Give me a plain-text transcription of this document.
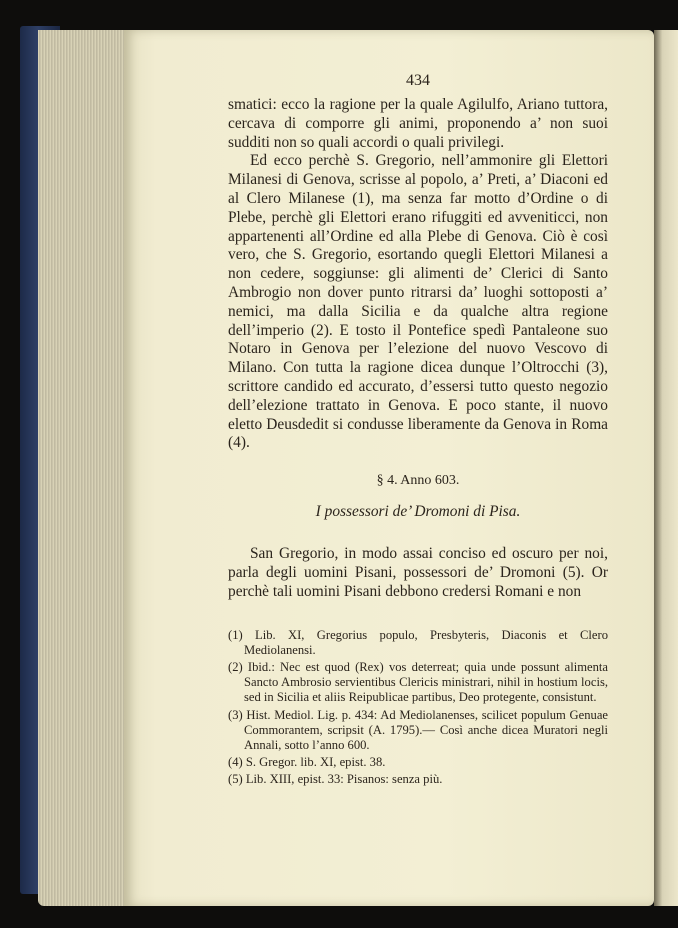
434

smatici: ecco la ragione per la quale Agilulfo, Ariano tuttora, cercava di comporre gli animi, proponendo a’ non suoi sudditi non so quali accordi o quali privilegi.

Ed ecco perchè S. Gregorio, nell’ammonire gli Elettori Milanesi di Genova, scrisse al popolo, a’ Preti, a’ Diaconi ed al Clero Milanese (1), ma senza far motto d’Ordine o di Plebe, perchè gli Elettori erano rifuggiti ed avveniticci, non appartenenti all’Ordine ed alla Plebe di Genova. Ciò è così vero, che S. Gregorio, esortando quegli Elettori Milanesi a non cedere, soggiunse: gli alimenti de’ Clerici di Santo Ambrogio non dover punto ritrarsi da’ luoghi sottoposti a’ nemici, ma dalla Sicilia e da qualche altra regione dell’imperio (2). E tosto il Pontefice spedì Pantaleone suo Notaro in Genova per l’elezione del nuovo Vescovo di Milano. Con tutta la ragione dicea dunque l’Oltrocchi (3), scrittore candido ed accurato, d’essersi tutto questo negozio dell’elezione trattato in Genova. E poco stante, il nuovo eletto Deusdedit si condusse liberamente da Genova in Roma (4).

§ 4. Anno 603.
I possessori de’ Dromoni di Pisa.

San Gregorio, in modo assai conciso ed oscuro per noi, parla degli uomini Pisani, possessori de’ Dromoni (5). Or perchè tali uomini Pisani debbono credersi Romani e non

(1) Lib. XI, Gregorius populo, Presbyteris, Diaconis et Clero Mediolanensi.

(2) Ibid.: Nec est quod (Rex) vos deterreat; quia unde possunt alimenta Sancto Ambrosio servientibus Clericis ministrari, nihil in hostium locis, sed in Sicilia et aliis Reipublicae partibus, Deo protegente, consistunt.

(3) Hist. Mediol. Lig. p. 434: Ad Mediolanenses, scilicet populum Genuae Commorantem, scripsit (A. 1795).— Così anche dicea Muratori negli Annali, sotto l’anno 600.

(4) S. Gregor. lib. XI, epist. 38.

(5) Lib. XIII, epist. 33: Pisanos: senza più.
